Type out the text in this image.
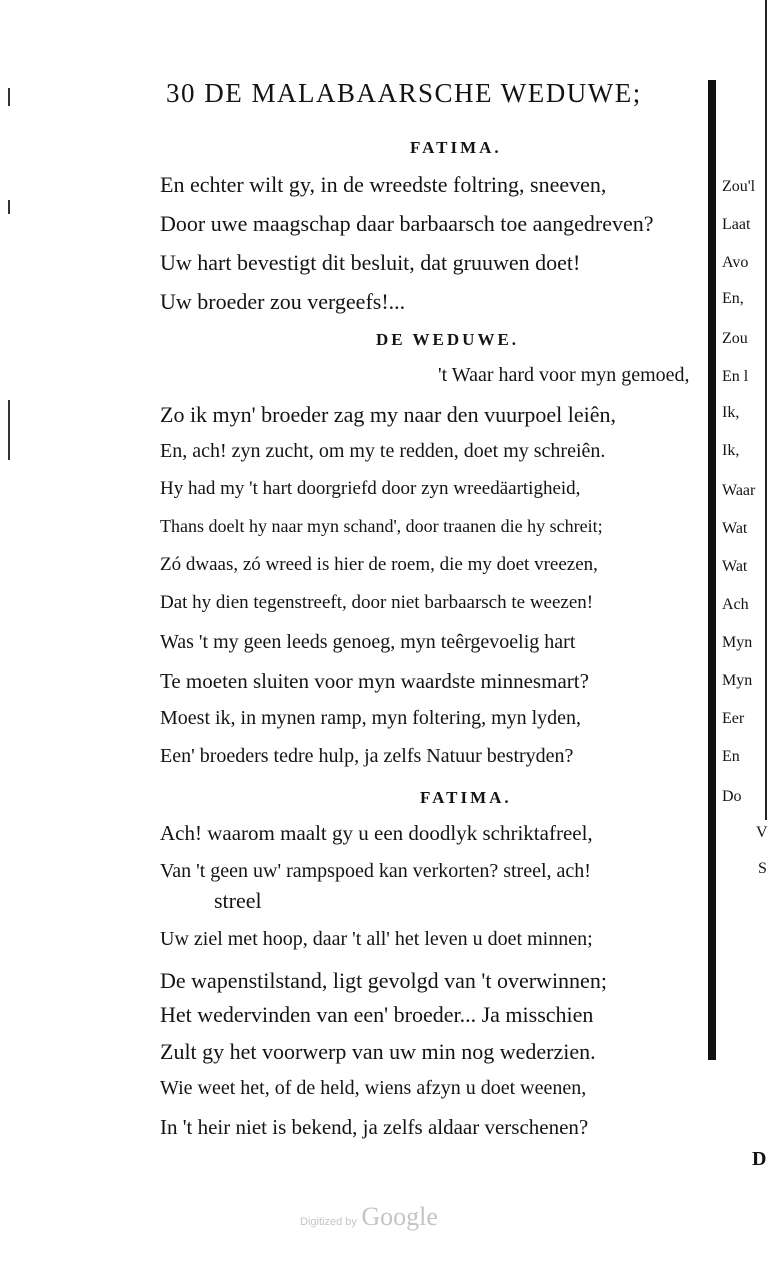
30 DE MALABAARSCHE WEDUWE;
FATIMA.
En echter wilt gy, in de wreedste foltring, sneeven,
Door uwe maagschap daar barbaarsch toe aangedreven?
Uw hart bevestigt dit besluit, dat gruuwen doet!
Uw broeder zou vergeefs!...
DE WEDUWE.
't Waar hard voor myn gemoed,
Zo ik myn' broeder zag my naar den vuurpoel leiên,
En, ach! zyn zucht, om my te redden, doet my schreiên.
Hy had my 't hart doorgriefd door zyn wreedäartigheid,
Thans doelt hy naar myn schand', door traanen die hy schreit;
Zó dwaas, zó wreed is hier de roem, die my doet vreezen,
Dat hy dien tegenstreeft, door niet barbaarsch te weezen!
Was 't my geen leeds genoeg, myn teêrgevoelig hart
Te moeten sluiten voor myn waardste minnesmart?
Moest ik, in mynen ramp, myn foltering, myn lyden,
Een' broeders tedre hulp, ja zelfs Natuur bestryden?
FATIMA.
Ach! waarom maalt gy u een doodlyk schriktafreel,
Van 't geen uw' rampspoed kan verkorten? streel, ach!
streel
Uw ziel met hoop, daar 't all' het leven u doet minnen;
De wapenstilstand, ligt gevolgd van 't overwinnen;
Het wedervinden van een' broeder... Ja misschien
Zult gy het voorwerp van uw min nog wederzien.
Wie weet het, of de held, wiens afzyn u doet weenen,
In 't heir niet is bekend, ja zelfs aldaar verschenen?
Zou'l
Laat
Avo
En,
Zou
En l
Ik,
Ik,
Waar
Wat
Wat
Ach
Myn
Myn
Eer
En
Do
V
S
D
Digitized by Google
